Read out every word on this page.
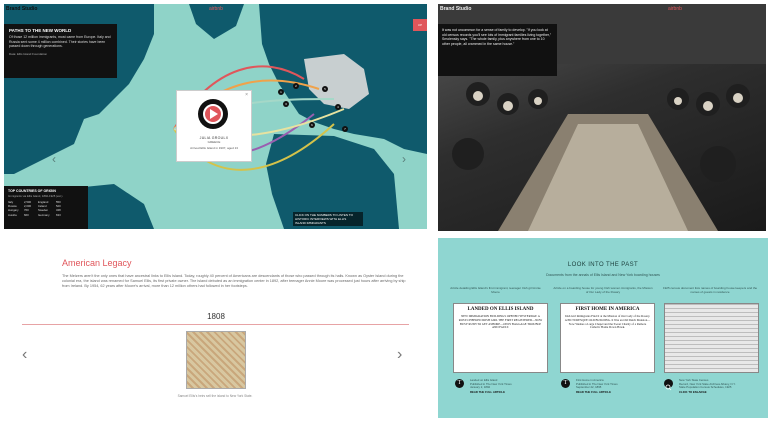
Brand Studio	airbnb
1
2
3
4
5
6
7
‹	›
UP
PATHS TO THE NEW WORLD
Of those 12 million immigrants, most came from Europe. Italy and Russia sent some 4 million combined. Their stories have been passed down through generations.
Data: Ellis Island Foundation
TOP COUNTRIES OF ORIGIN
Immigrants via Ellis Island, 1892-1925 (est.)
Italy	2,500	England	550
Russia	2,000	Ireland	520
Hungary	760	Sweden	348
Austria	660	Germany	633
×
JULIA GROULX
GREECE
Arrived Ellis Island in 1907, aged 13
CLICK ON THE NUMBERS TO LISTEN TO
HISTORIC INTERVIEWS WITH ELLIS
ISLAND IMMIGRANTS
Brand Studio	airbnb
It was not uncommon for a sense of family to develop. "If you look at old census records you'll see lots of immigrant families living together," Smolensky says. "The whole family, plus anywhere from one to 10 other people, all crammed in the same house."
American Legacy
The Melzers aren't the only ones that have ancestral links to Ellis Island. Today, roughly 40 percent of Americans are descendants of those who passed through its halls. Known as Oyster Island during the colonial era, the island was renamed for Samuel Ellis, its first private owner. The island debuted as an immigration center in 1892, after teenager Annie Moore was processed just hours after arriving by ship from Ireland. By 1954, 62 years after Moore's arrival, more than 12 million others had followed in her footsteps.
1808
Samuel Ellis's heirs sell the island to New York State.
‹	›
LOOK INTO THE PAST
Documents from the annals of Ellis Island and New York boarding houses
Article detailing Ellis Island's first immigrant, teenager Irish girl Annie Moore
LANDED ON ELLIS ISLAND
NEW IMMIGRATION BUILDINGS OPENED YESTERDAY. A ROSY-CHEEKED IRISH GIRL THE FIRST REGISTERED—NOW BUSY RUSH TO GET ASHORE—ONLY BAGGAGE TROUBLE AND FAULT.
T	Landed on Ellis Island
Published in The New York Times
January 2, 1892
READ THE FULL ARTICLE
Article on a boarding house for young Irish women immigrants, the Mission of Our Lady of the Rosary
FIRST HOME IN AMERICA
Irish Girl Immigrants Find It at the Mission of Our Lady of the Rosary. A PICTURESQUE OLD BUILDING. It Was an Old Dutch Mansion—Now Washes a Large Chapel and the Sweet Charity of a Remote Catholic Home Down Hawk.
T	First Home in America
Published in The New York Times
September 22, 1895
READ THE FULL ARTICLE
1925 census document lists names of boarding house keepers and the names of guests in residence
New York State Census
Record, New York State Archives Albany, N.Y.
State Population Census Schedules, 1925
CLICK TO ENLARGE
